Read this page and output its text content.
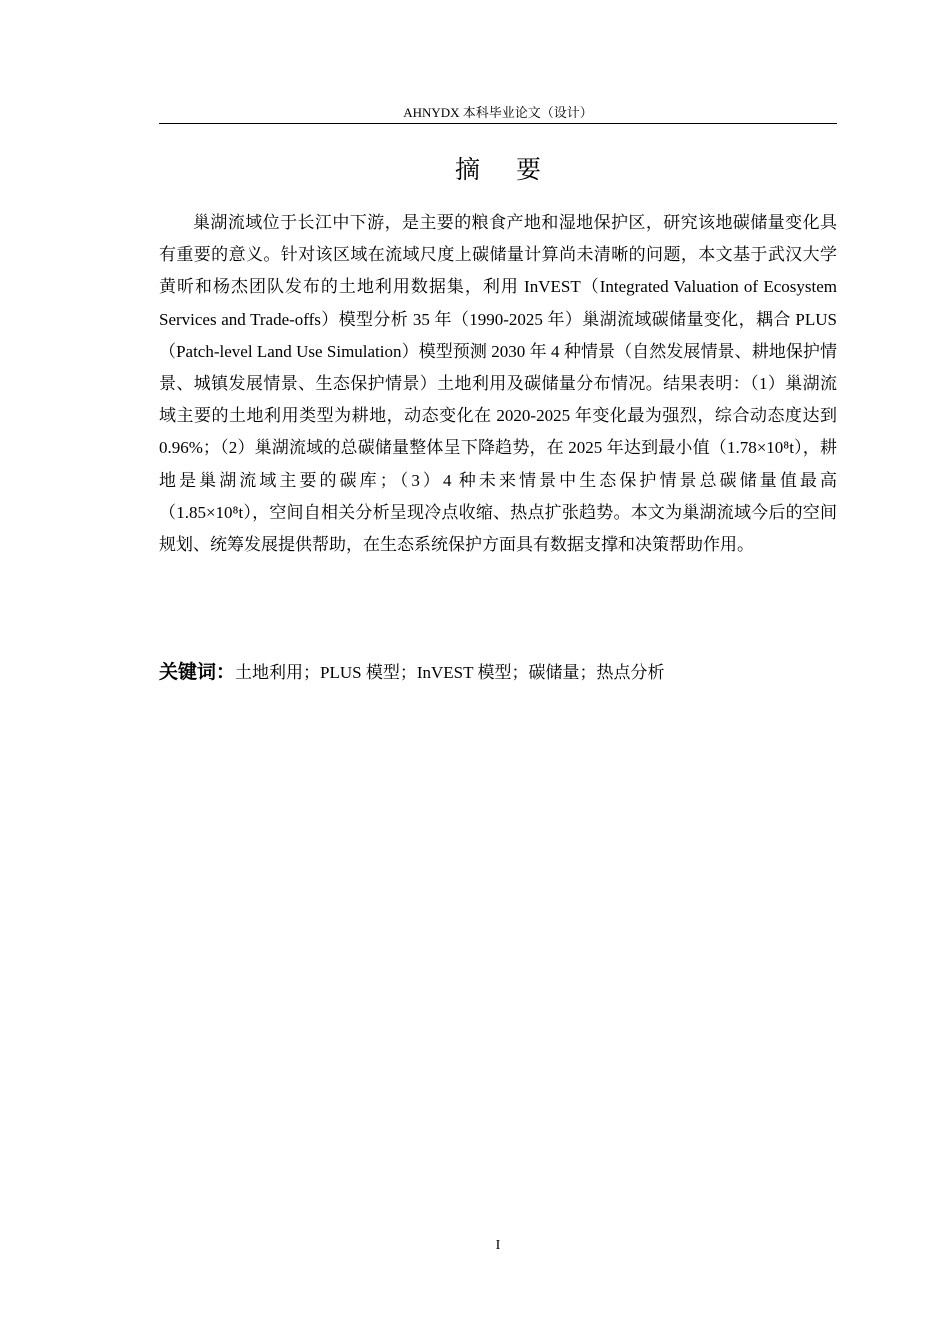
AHNYDX 本科毕业论文（设计）
摘 要

巢湖流域位于长江中下游，是主要的粮食产地和湿地保护区，研究该地碳储量变化具有重要的意义。针对该区域在流域尺度上碳储量计算尚未清晰的问题，本文基于武汉大学黄昕和杨杰团队发布的土地利用数据集，利用 InVEST（Integrated Valuation of Ecosystem Services and Trade-offs）模型分析 35 年（1990-2025 年）巢湖流域碳储量变化，耦合 PLUS（Patch-level Land Use Simulation）模型预测 2030 年 4 种情景（自然发展情景、耕地保护情景、城镇发展情景、生态保护情景）土地利用及碳储量分布情况。结果表明：（1）巢湖流域主要的土地利用类型为耕地，动态变化在 2020-2025 年变化最为强烈，综合动态度达到 0.96%；（2）巢湖流域的总碳储量整体呈下降趋势，在 2025 年达到最小值（1.78×10⁸t），耕地是巢湖流域主要的碳库；（3）4 种未来情景中生态保护情景总碳储量值最高（1.85×10⁸t），空间自相关分析呈现冷点收缩、热点扩张趋势。本文为巢湖流域今后的空间规划、统筹发展提供帮助，在生态系统保护方面具有数据支撑和决策帮助作用。

关键词：土地利用；PLUS 模型；InVEST 模型；碳储量；热点分析

I
